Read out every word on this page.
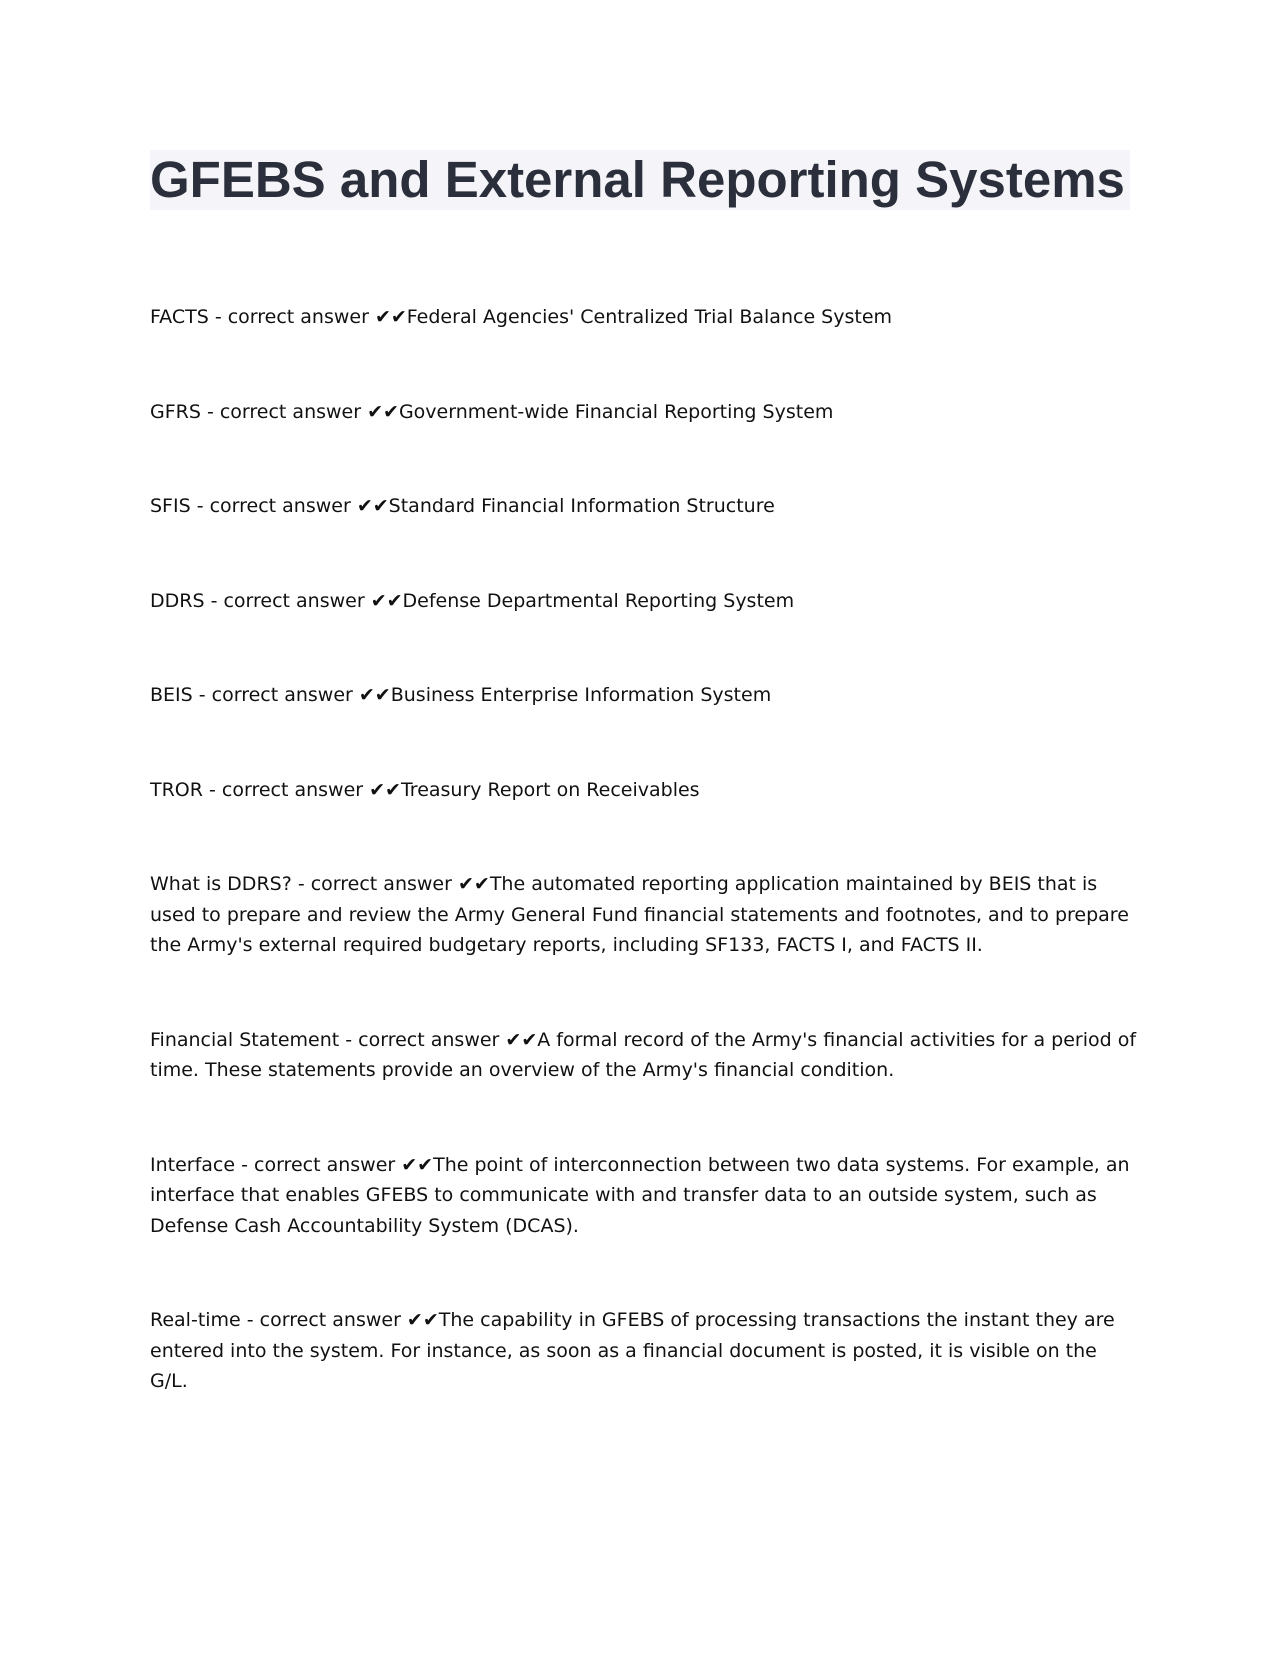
GFEBS and External Reporting Systems
FACTS - correct answer ✔✔Federal Agencies' Centralized Trial Balance System
GFRS - correct answer ✔✔Government-wide Financial Reporting System
SFIS - correct answer ✔✔Standard Financial Information Structure
DDRS - correct answer ✔✔Defense Departmental Reporting System
BEIS - correct answer ✔✔Business Enterprise Information System
TROR - correct answer ✔✔Treasury Report on Receivables
What is DDRS? - correct answer ✔✔The automated reporting application maintained by BEIS that is used to prepare and review the Army General Fund financial statements and footnotes, and to prepare the Army's external required budgetary reports, including SF133, FACTS I, and FACTS II.
Financial Statement - correct answer ✔✔A formal record of the Army's financial activities for a period of time. These statements provide an overview of the Army's financial condition.
Interface - correct answer ✔✔The point of interconnection between two data systems. For example, an interface that enables GFEBS to communicate with and transfer data to an outside system, such as Defense Cash Accountability System (DCAS).
Real-time - correct answer ✔✔The capability in GFEBS of processing transactions the instant they are entered into the system. For instance, as soon as a financial document is posted, it is visible on the G/L.
